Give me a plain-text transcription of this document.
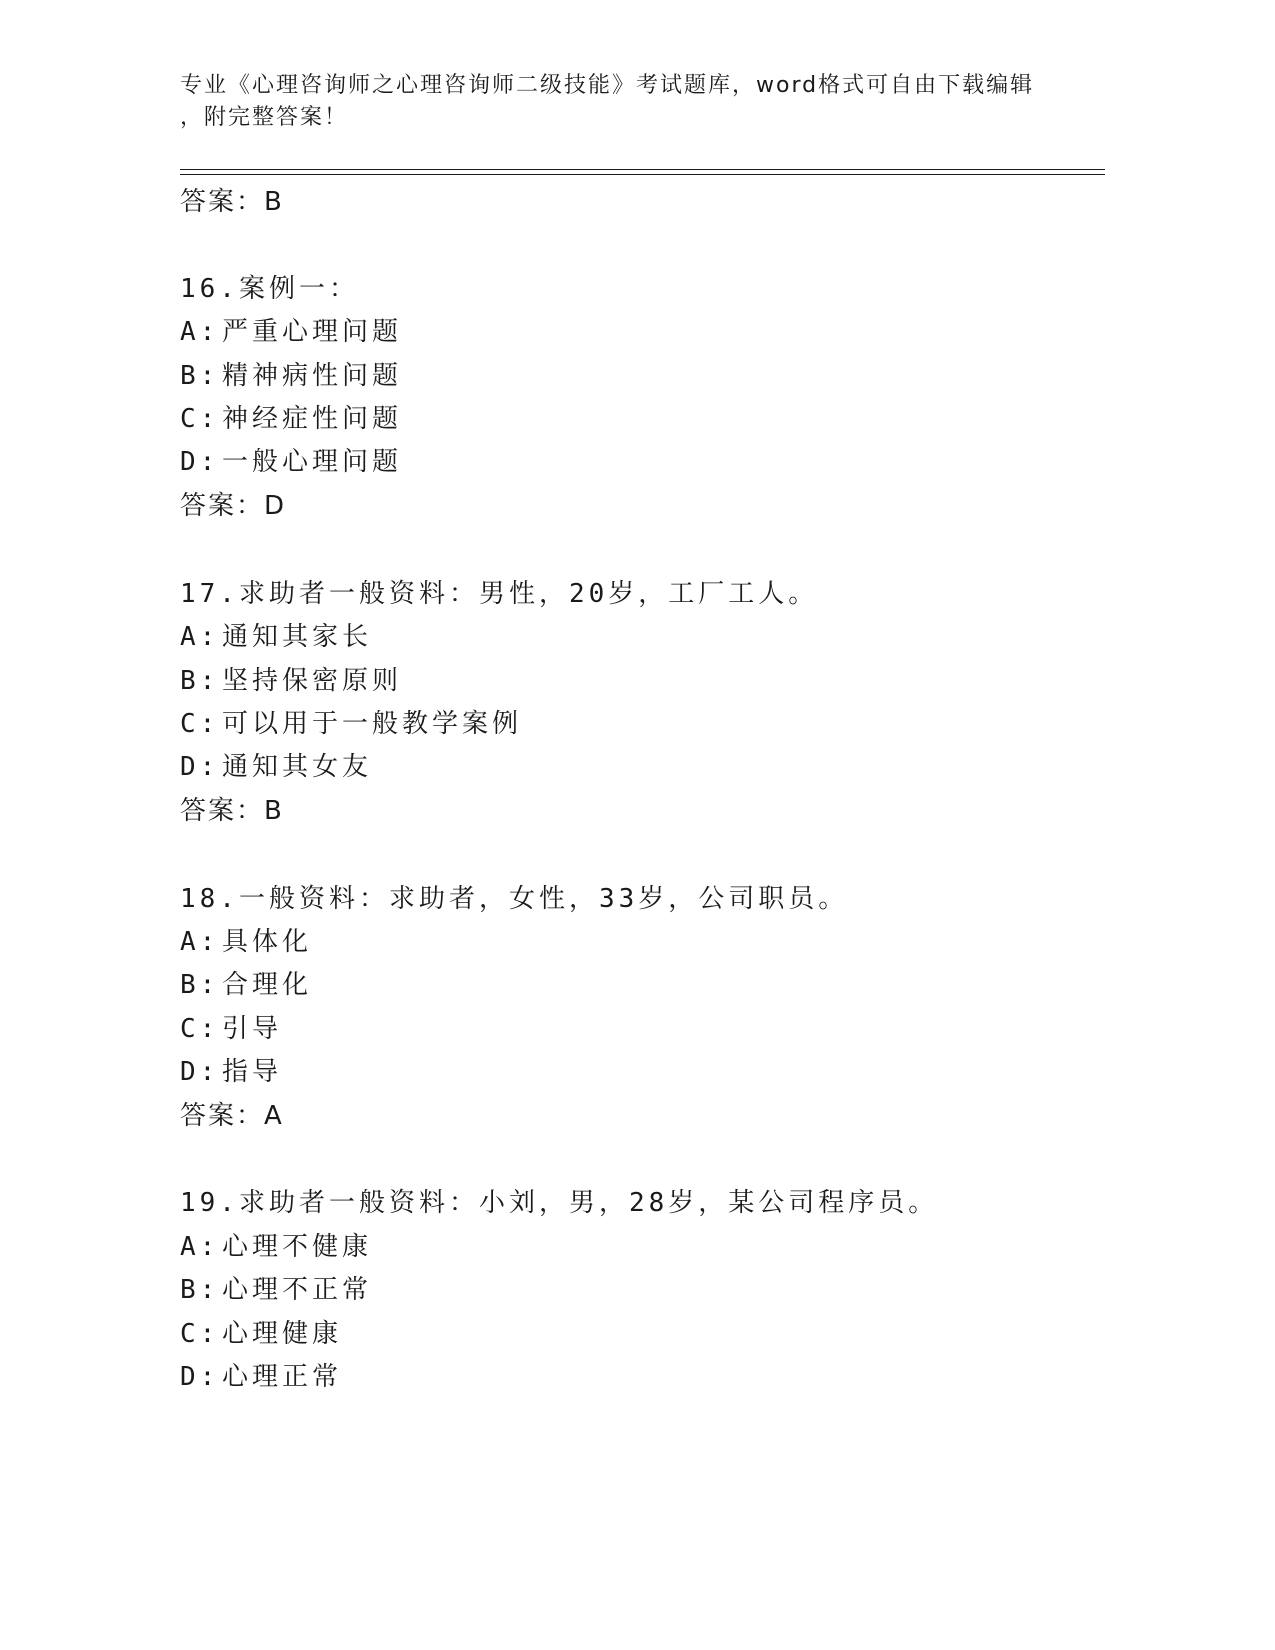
专业《心理咨询师之心理咨询师二级技能》考试题库，word格式可自由下载编辑
，附完整答案！
答案：B
16.案例一：
A: 严重心理问题
B: 精神病性问题
C: 神经症性问题
D: 一般心理问题
答案：D
17.求助者一般资料：男性，20岁，工厂工人。
A: 通知其家长
B: 坚持保密原则
C: 可以用于一般教学案例
D: 通知其女友
答案：B
18.一般资料：求助者，女性，33岁，公司职员。
A: 具体化
B: 合理化
C: 引导
D: 指导
答案：A
19.求助者一般资料：小刘，男，28岁，某公司程序员。
A: 心理不健康
B: 心理不正常
C: 心理健康
D: 心理正常
